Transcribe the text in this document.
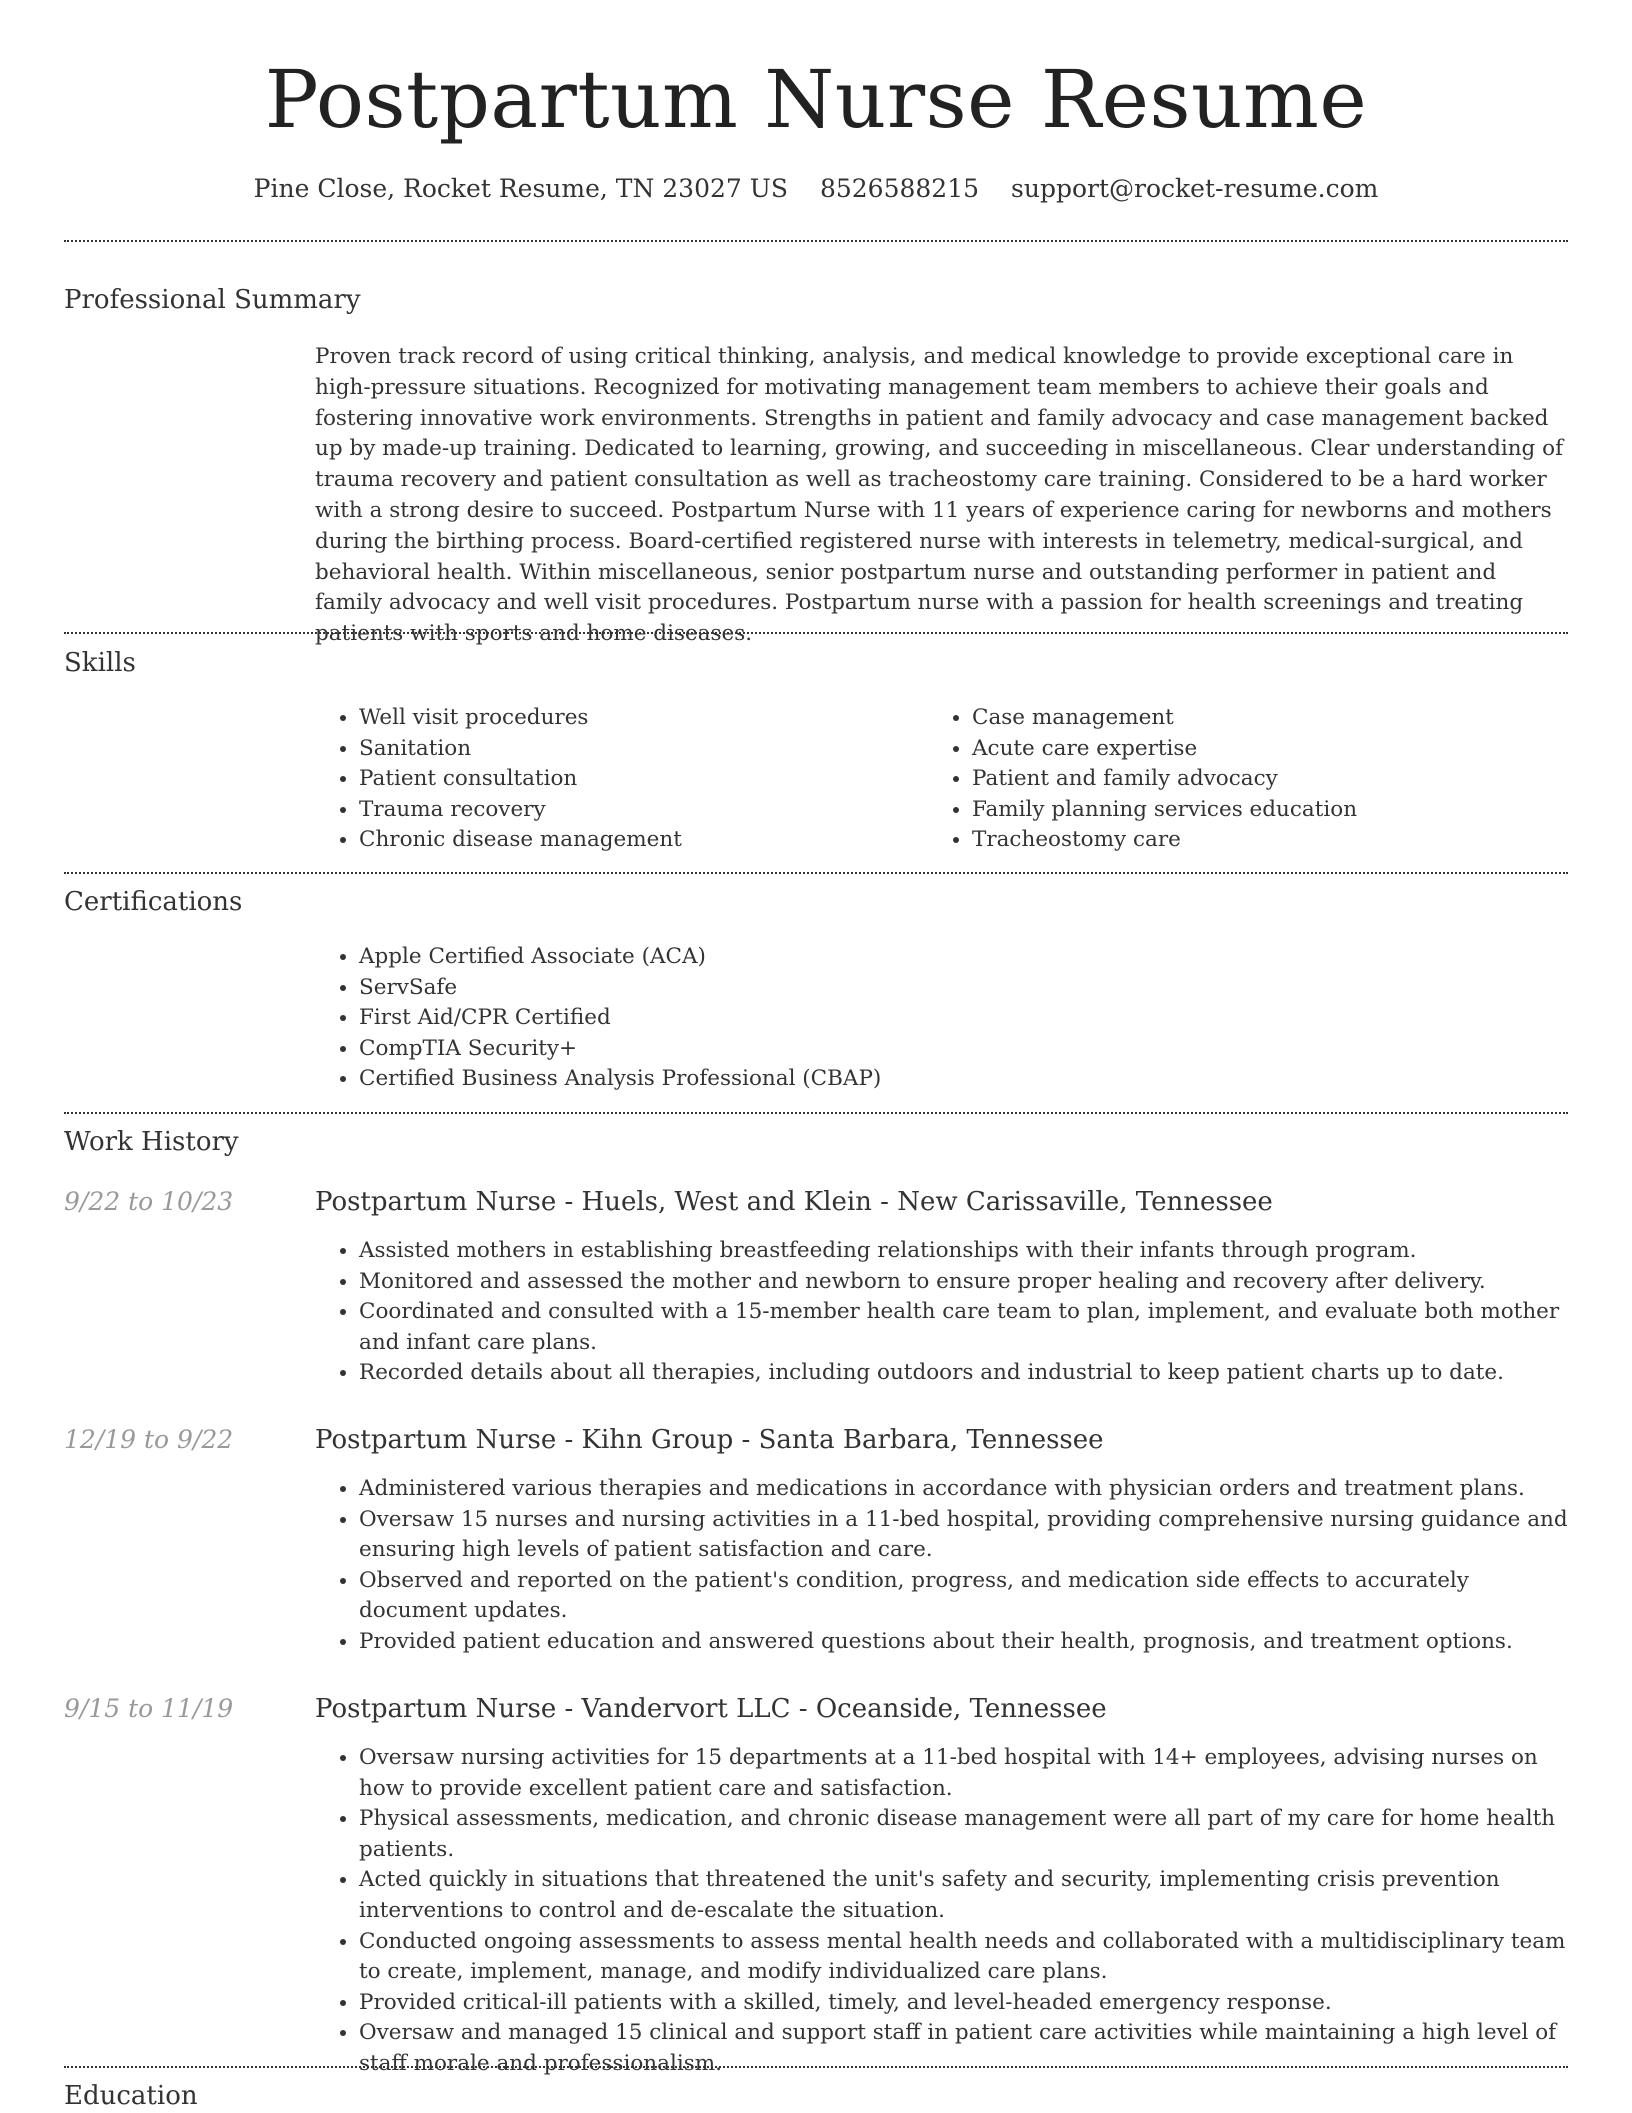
Postpartum Nurse Resume
Pine Close, Rocket Resume, TN 23027 US 8526588215 support@rocket-resume.com
Professional Summary
Proven track record of using critical thinking, analysis, and medical knowledge to provide exceptional care in high-pressure situations. Recognized for motivating management team members to achieve their goals and fostering innovative work environments. Strengths in patient and family advocacy and case management backed up by made-up training. Dedicated to learning, growing, and succeeding in miscellaneous. Clear understanding of trauma recovery and patient consultation as well as tracheostomy care training. Considered to be a hard worker with a strong desire to succeed. Postpartum Nurse with 11 years of experience caring for newborns and mothers during the birthing process. Board-certified registered nurse with interests in telemetry, medical-surgical, and behavioral health. Within miscellaneous, senior postpartum nurse and outstanding performer in patient and family advocacy and well visit procedures. Postpartum nurse with a passion for health screenings and treating patients with sports and home diseases.
Skills
• Well visit procedures
• Sanitation
• Patient consultation
• Trauma recovery
• Chronic disease management
• Case management
• Acute care expertise
• Patient and family advocacy
• Family planning services education
• Tracheostomy care
Certifications
• Apple Certified Associate (ACA)
• ServSafe
• First Aid/CPR Certified
• CompTIA Security+
• Certified Business Analysis Professional (CBAP)
Work History
9/22 to 10/23	Postpartum Nurse - Huels, West and Klein - New Carissaville, Tennessee
• Assisted mothers in establishing breastfeeding relationships with their infants through program.
• Monitored and assessed the mother and newborn to ensure proper healing and recovery after delivery.
• Coordinated and consulted with a 15-member health care team to plan, implement, and evaluate both mother and infant care plans.
• Recorded details about all therapies, including outdoors and industrial to keep patient charts up to date.
12/19 to 9/22	Postpartum Nurse - Kihn Group - Santa Barbara, Tennessee
• Administered various therapies and medications in accordance with physician orders and treatment plans.
• Oversaw 15 nurses and nursing activities in a 11-bed hospital, providing comprehensive nursing guidance and ensuring high levels of patient satisfaction and care.
• Observed and reported on the patient's condition, progress, and medication side effects to accurately document updates.
• Provided patient education and answered questions about their health, prognosis, and treatment options.
9/15 to 11/19	Postpartum Nurse - Vandervort LLC - Oceanside, Tennessee
• Oversaw nursing activities for 15 departments at a 11-bed hospital with 14+ employees, advising nurses on how to provide excellent patient care and satisfaction.
• Physical assessments, medication, and chronic disease management were all part of my care for home health patients.
• Acted quickly in situations that threatened the unit's safety and security, implementing crisis prevention interventions to control and de-escalate the situation.
• Conducted ongoing assessments to assess mental health needs and collaborated with a multidisciplinary team to create, implement, manage, and modify individualized care plans.
• Provided critical-ill patients with a skilled, timely, and level-headed emergency response.
• Oversaw and managed 15 clinical and support staff in patient care activities while maintaining a high level of staff morale and professionalism.
Education
